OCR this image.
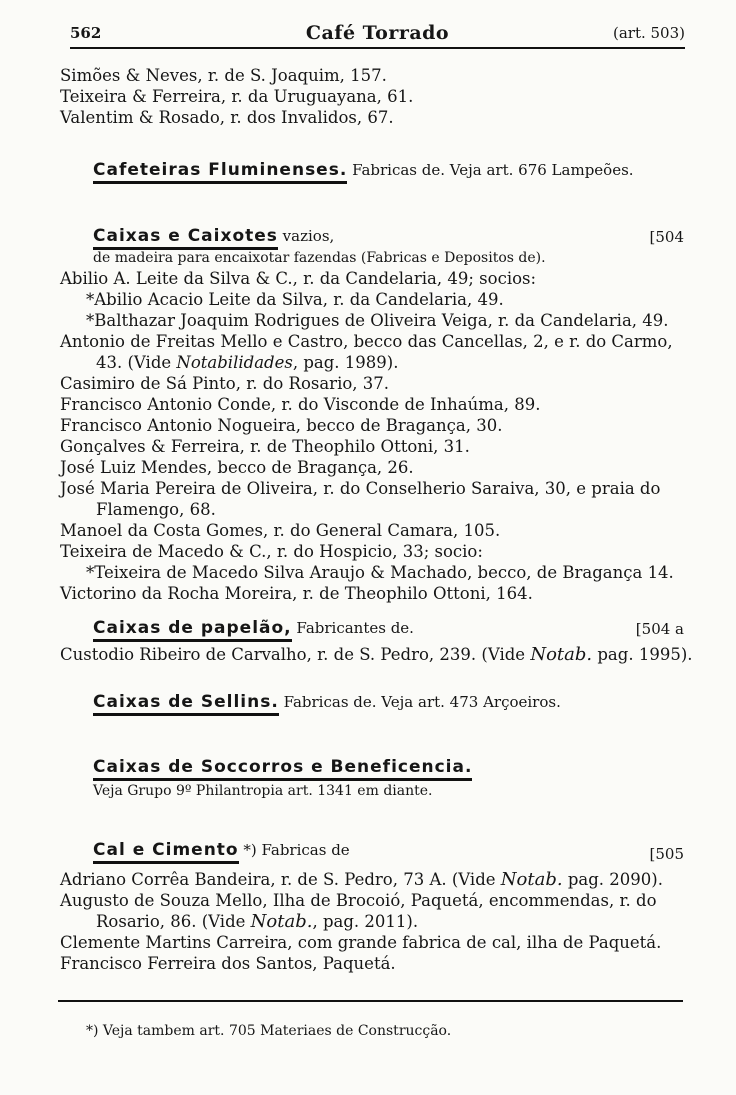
562	Café Torrado	(art. 503)
Simões & Neves, r. de S. Joaquim, 157.
Teixeira & Ferreira, r. da Uruguayana, 61.
Valentim & Rosado, r. dos Invalidos, 67.
Cafeteiras Fluminenses. Fabricas de. Veja art. 676 Lampeões.
Caixas e Caixotes vazios,	[504
de madeira para encaixotar fazendas (Fabricas e Depositos de).
Abilio A. Leite da Silva & C., r. da Candelaria, 49; socios:
*Abilio Acacio Leite da Silva, r. da Candelaria, 49.
*Balthazar Joaquim Rodrigues de Oliveira Veiga, r. da Candelaria, 49.
Antonio de Freitas Mello e Castro, becco das Cancellas, 2, e r. do Carmo,
43. (Vide Notabilidades, pag. 1989).
Casimiro de Sá Pinto, r. do Rosario, 37.
Francisco Antonio Conde, r. do Visconde de Inhaúma, 89.
Francisco Antonio Nogueira, becco de Bragança, 30.
Gonçalves & Ferreira, r. de Theophilo Ottoni, 31.
José Luiz Mendes, becco de Bragança, 26.
José Maria Pereira de Oliveira, r. do Conselherio Saraiva, 30, e praia do
Flamengo, 68.
Manoel da Costa Gomes, r. do General Camara, 105.
Teixeira de Macedo & C., r. do Hospicio, 33; socio:
*Teixeira de Macedo Silva Araujo & Machado, becco, de Bragança 14.
Victorino da Rocha Moreira, r. de Theophilo Ottoni, 164.
Caixas de papelão, Fabricantes de.	[504 a
Custodio Ribeiro de Carvalho, r. de S. Pedro, 239. (Vide Notab. pag. 1995).
Caixas de Sellins. Fabricas de. Veja art. 473 Arçoeiros.
Caixas de Soccorros e Beneficencia.
Veja Grupo 9º Philantropia art. 1341 em diante.
Cal e Cimento *) Fabricas de	[505
Adriano Corrêa Bandeira, r. de S. Pedro, 73 A. (Vide Notab. pag. 2090).
Augusto de Souza Mello, Ilha de Brocoió, Paquetá, encommendas, r. do
Rosario, 86. (Vide Notab., pag. 2011).
Clemente Martins Carreira, com grande fabrica de cal, ilha de Paquetá.
Francisco Ferreira dos Santos, Paquetá.
*) Veja tambem art. 705 Materiaes de Construcção.
